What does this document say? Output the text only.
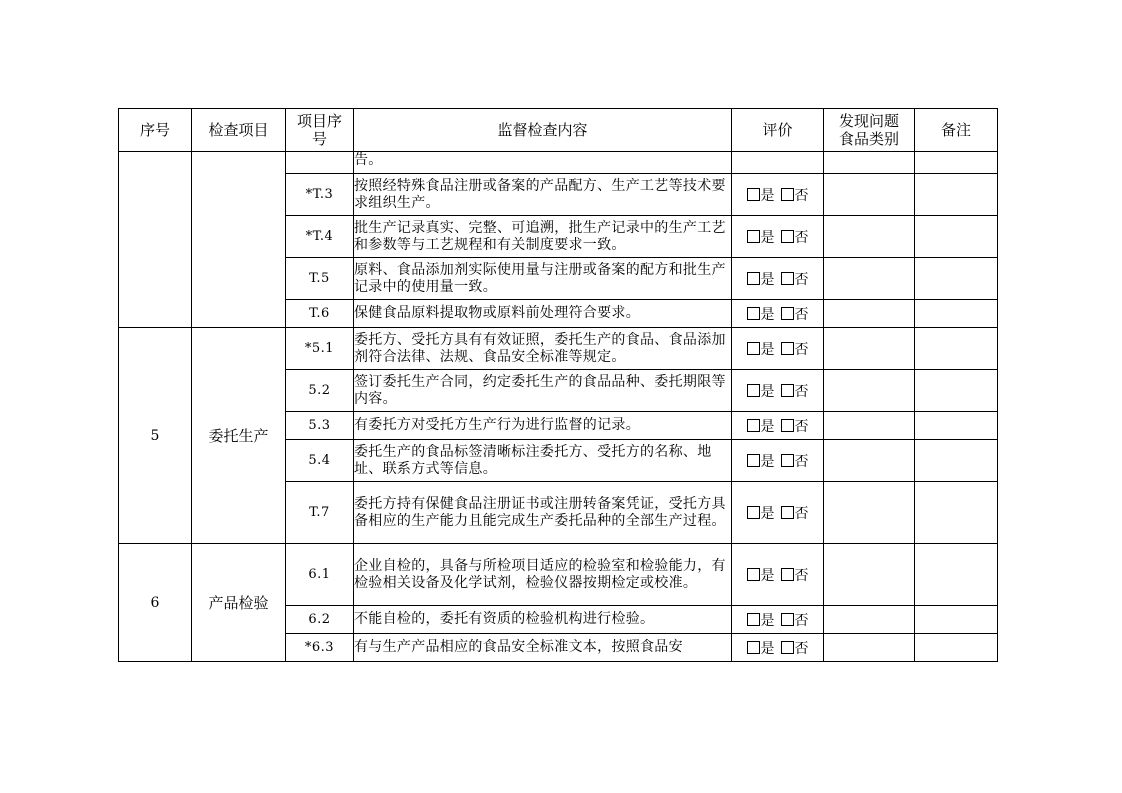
序号	检查项目	项目序号	监督检查内容	评价	发现问题食品类别	备注
			告。			
		*T.3	按照经特殊食品注册或备案的产品配方、生产工艺等技术要求组织生产。	是 否		
		*T.4	批生产记录真实、完整、可追溯，批生产记录中的生产工艺和参数等与工艺规程和有关制度要求一致。	是 否		
		T.5	原料、食品添加剂实际使用量与注册或备案的配方和批生产记录中的使用量一致。	是 否		
		T.6	保健食品原料提取物或原料前处理符合要求。	是 否		
5	委托生产	*5.1	委托方、受托方具有有效证照，委托生产的食品、食品添加剂符合法律、法规、食品安全标准等规定。	是 否		
		5.2	签订委托生产合同，约定委托生产的食品品种、委托期限等内容。	是 否		
		5.3	有委托方对受托方生产行为进行监督的记录。	是 否		
		5.4	委托生产的食品标签清晰标注委托方、受托方的名称、地址、联系方式等信息。	是 否		
		T.7	委托方持有保健食品注册证书或注册转备案凭证，受托方具备相应的生产能力且能完成生产委托品种的全部生产过程。	是 否		
6	产品检验	6.1	企业自检的，具备与所检项目适应的检验室和检验能力，有检验相关设备及化学试剂，检验仪器按期检定或校准。	是 否		
		6.2	不能自检的，委托有资质的检验机构进行检验。	是 否		
		*6.3	有与生产产品相应的食品安全标准文本，按照食品安	是 否		
